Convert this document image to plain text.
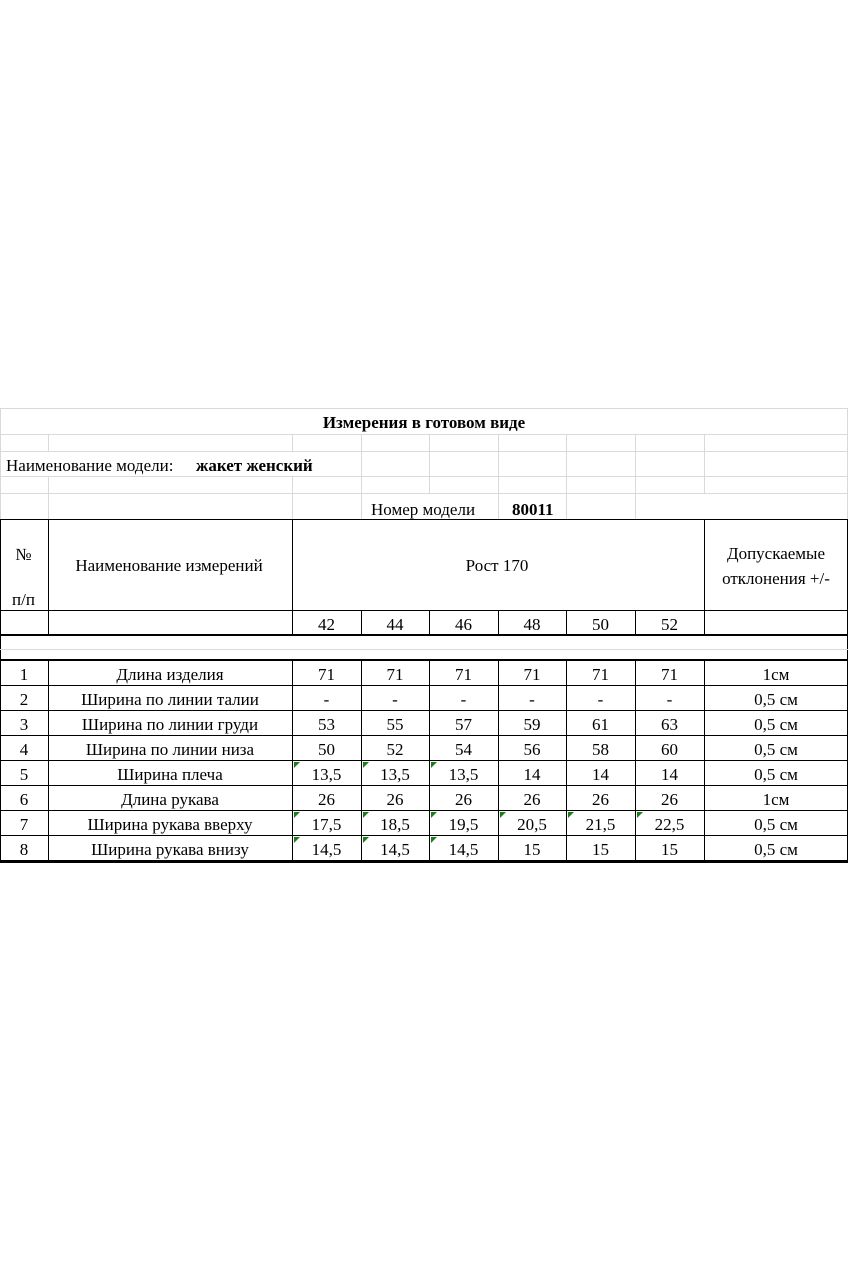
Измерения в готовом виде
Наименование модели: жакет женский
Номер модели 80011
№
п/п
Наименование измерений	Рост 170
Допускаемые
отклонения +/-
42	44	46	48	50	52
1	Длина изделия	71	71	71	71	71	71	1см
2	Ширина по линии талии	-	-	-	-	-	-	0,5 см
3	Ширина по линии груди	53	55	57	59	61	63	0,5 см
4	Ширина по линии низа	50	52	54	56	58	60	0,5 см
5	Ширина плеча	13,5	13,5	13,5	14	14	14	0,5 см
6	Длина рукава	26	26	26	26	26	26	1см
7	Ширина рукава вверху	17,5	18,5	19,5	20,5	21,5	22,5	0,5 см
8	Ширина рукава внизу	14,5	14,5	14,5	15	15	15	0,5 см
